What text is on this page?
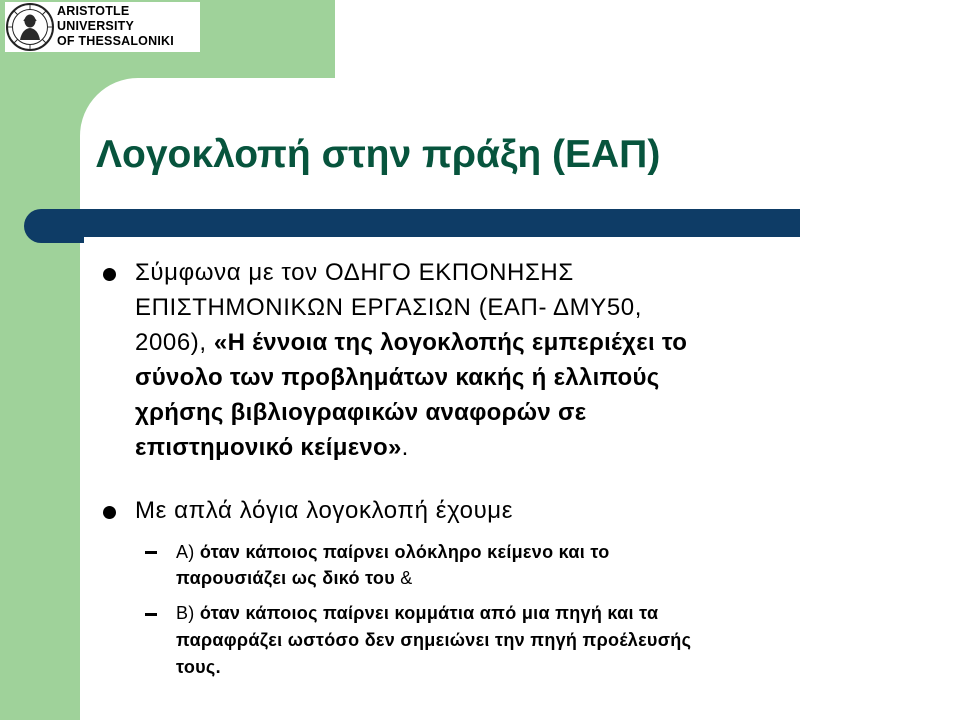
ARISTOTLE
UNIVERSITY
OF THESSALONIKI
Λογοκλοπή στην πράξη (ΕΑΠ)

Σύμφωνα με τον ΟΔΗΓΟ ΕΚΠΟΝΗΣΗΣ

ΕΠΙΣΤΗΜΟΝΙΚΩΝ ΕΡΓΑΣΙΩΝ (ΕΑΠ- ΔΜΥ50,

2006), «Η έννοια της λογοκλοπής εμπεριέχει το

σύνολο των προβλημάτων κακής ή ελλιπούς

χρήσης βιβλιογραφικών αναφορών σε

επιστημονικό κείμενο».

Με απλά λόγια λογοκλοπή έχουμε

Α) όταν κάποιος παίρνει ολόκληρο κείμενο και το

παρουσιάζει ως δικό του &

Β) όταν κάποιος παίρνει κομμάτια από μια πηγή και τα

παραφράζει ωστόσο δεν σημειώνει την πηγή προέλευσής

τους.
